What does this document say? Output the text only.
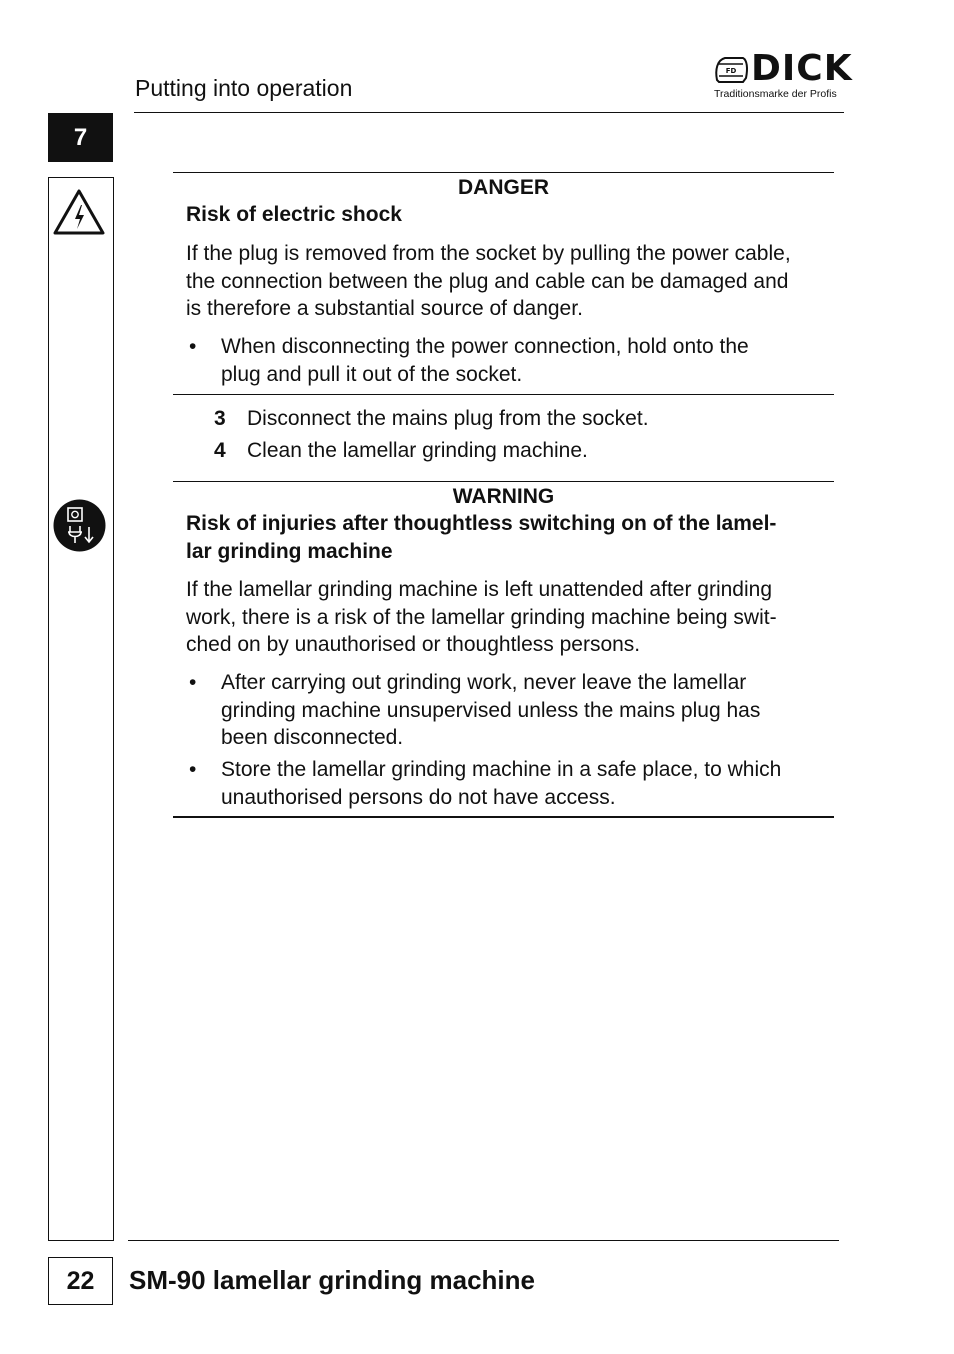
Putting into operation
FD DICK
Traditionsmarke der Profis
7
DANGER
Risk of electric shock
If the plug is removed from the socket by pulling the power cable,
the connection between the plug and cable can be damaged and
is therefore a substantial source of danger.
• When disconnecting the power connection, hold onto the
plug and pull it out of the socket.
3 Disconnect the mains plug from the socket.
4 Clean the lamellar grinding machine.
WARNING
Risk of injuries after thoughtless switching on of the lamel-
lar grinding machine
If the lamellar grinding machine is left unattended after grinding
work, there is a risk of the lamellar grinding machine being swit-
ched on by unauthorised or thoughtless persons.
• After carrying out grinding work, never leave the lamellar
grinding machine unsupervised unless the mains plug has
been disconnected.
• Store the lamellar grinding machine in a safe place, to which
unauthorised persons do not have access.
22	SM-90 lamellar grinding machine
